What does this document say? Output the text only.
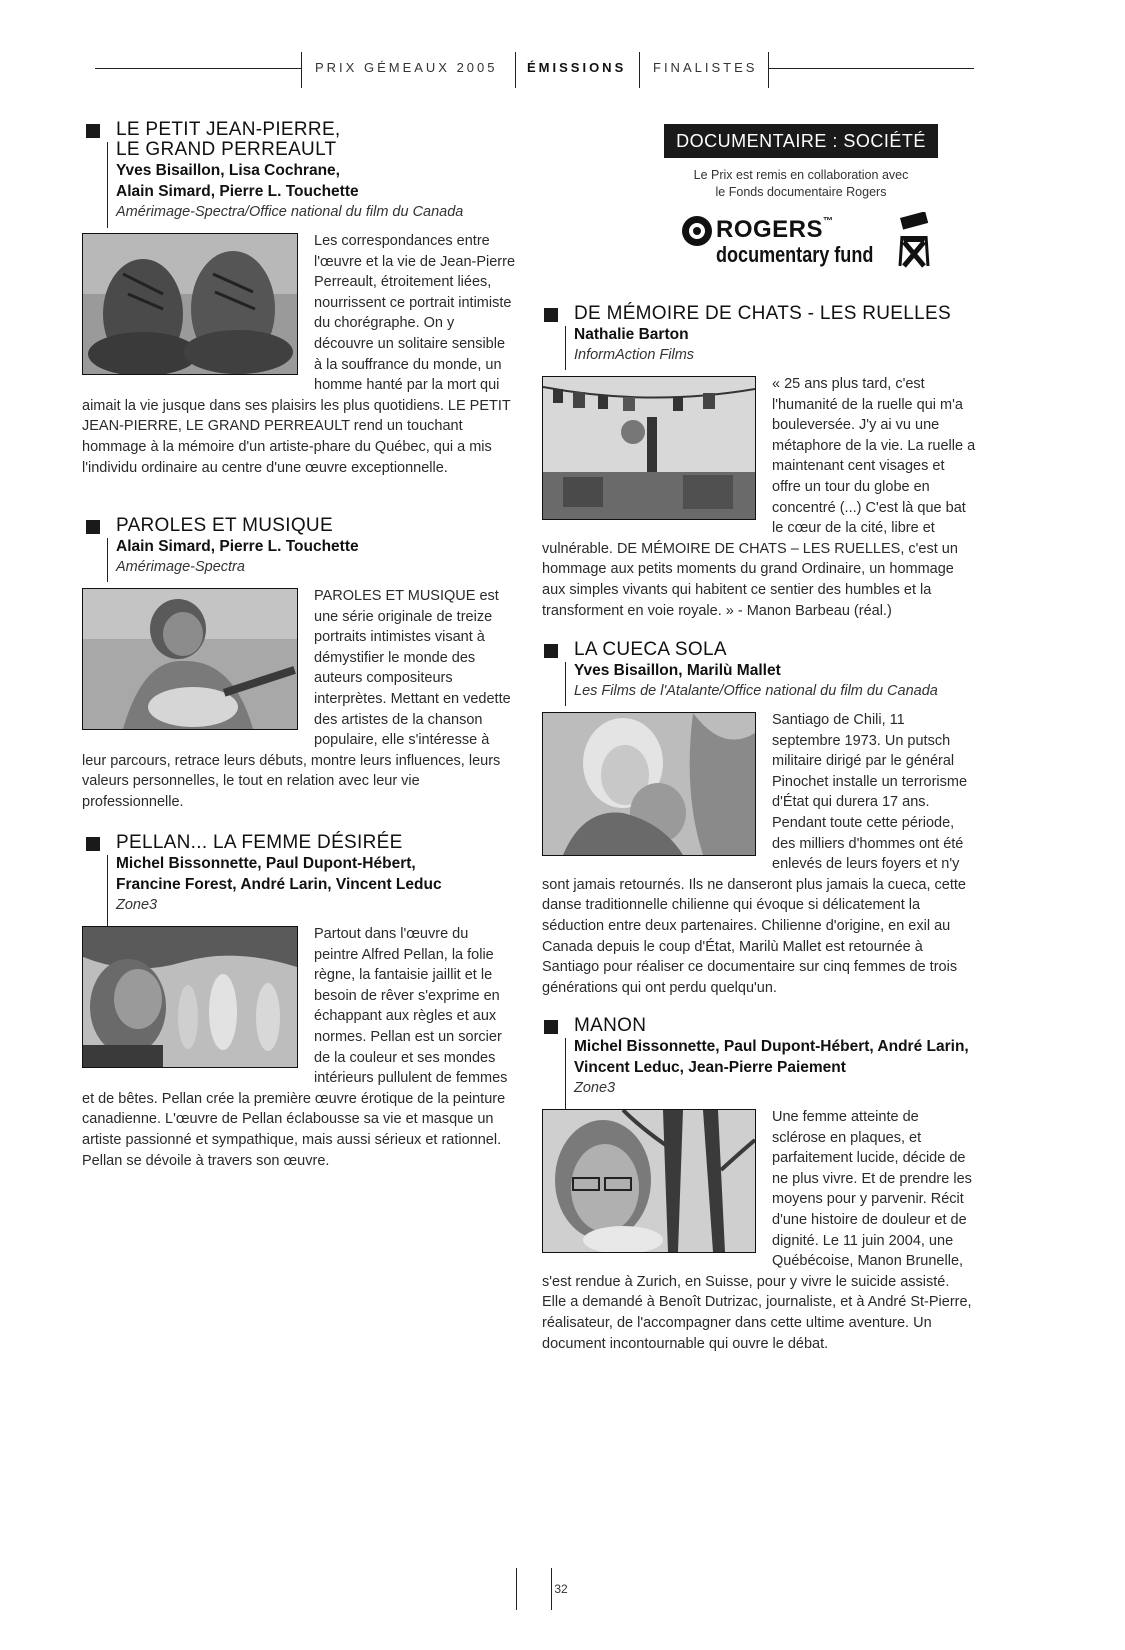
PRIX GÉMEAUX 2005 ÉMISSIONS FINALISTES
LE PETIT JEAN-PIERRE,
LE GRAND PERREAULT
Yves Bisaillon, Lisa Cochrane,
Alain Simard, Pierre L. Touchette
Amérimage-Spectra/Office national du film du Canada
Les correspondances entre l'œuvre et la vie de Jean-Pierre Perreault, étroitement liées, nourrissent ce portrait intimiste du chorégraphe. On y découvre un solitaire sensible à la souffrance du monde, un homme hanté par la mort qui aimait la vie jusque dans ses plaisirs les plus quotidiens. LE PETIT JEAN-PIERRE, LE GRAND PERREAULT rend un touchant hommage à la mémoire d'un artiste-phare du Québec, qui a mis l'individu ordinaire au centre d'une œuvre exceptionnelle.
PAROLES ET MUSIQUE
Alain Simard, Pierre L. Touchette
Amérimage-Spectra
PAROLES ET MUSIQUE est une série originale de treize portraits intimistes visant à démystifier le monde des auteurs compositeurs interprètes. Mettant en vedette des artistes de la chanson populaire, elle s'intéresse à leur parcours, retrace leurs débuts, montre leurs influences, leurs valeurs personnelles, le tout en relation avec leur vie professionnelle.
PELLAN... LA FEMME DÉSIRÉE
Michel Bissonnette, Paul Dupont-Hébert,
Francine Forest, André Larin, Vincent Leduc
Zone3
Partout dans l'œuvre du peintre Alfred Pellan, la folie règne, la fantaisie jaillit et le besoin de rêver s'exprime en échappant aux règles et aux normes. Pellan est un sorcier de la couleur et ses mondes intérieurs pullulent de femmes et de bêtes. Pellan crée la première œuvre érotique de la peinture canadienne. L'œuvre de Pellan éclabousse sa vie et masque un artiste passionné et sympathique, mais aussi sérieux et rationnel. Pellan se dévoile à travers son œuvre.
DOCUMENTAIRE : SOCIÉTÉ
Le Prix est remis en collaboration avec
le Fonds documentaire Rogers
ROGERS™
documentary fund
DE MÉMOIRE DE CHATS - LES RUELLES
Nathalie Barton
InformAction Films
« 25 ans plus tard, c'est l'humanité de la ruelle qui m'a bouleversée. J'y ai vu une métaphore de la vie. La ruelle a maintenant cent visages et offre un tour du globe en concentré (...) C'est là que bat le cœur de la cité, libre et vulnérable. DE MÉMOIRE DE CHATS – LES RUELLES, c'est un hommage aux petits moments du grand Ordinaire, un hommage aux simples vivants qui habitent ce sentier des humbles et la transforment en voie royale. » - Manon Barbeau (réal.)
LA CUECA SOLA
Yves Bisaillon, Marilù Mallet
Les Films de l'Atalante/Office national du film du Canada
Santiago de Chili, 11 septembre 1973. Un putsch militaire dirigé par le général Pinochet installe un terrorisme d'État qui durera 17 ans. Pendant toute cette période, des milliers d'hommes ont été enlevés de leurs foyers et n'y sont jamais retournés. Ils ne danseront plus jamais la cueca, cette danse traditionnelle chilienne qui évoque si délicatement la séduction entre deux partenaires. Chilienne d'origine, en exil au Canada depuis le coup d'État, Marilù Mallet est retournée à Santiago pour réaliser ce documentaire sur cinq femmes de trois générations qui ont perdu quelqu'un.
MANON
Michel Bissonnette, Paul Dupont-Hébert, André Larin,
Vincent Leduc, Jean-Pierre Paiement
Zone3
Une femme atteinte de sclérose en plaques, et parfaitement lucide, décide de ne plus vivre. Et de prendre les moyens pour y parvenir. Récit d'une histoire de douleur et de dignité. Le 11 juin 2004, une Québécoise, Manon Brunelle, s'est rendue à Zurich, en Suisse, pour y vivre le suicide assisté. Elle a demandé à Benoît Dutrizac, journaliste, et à André St-Pierre, réalisateur, de l'accompagner dans cette ultime aventure. Un document incontournable qui ouvre le débat.
32
